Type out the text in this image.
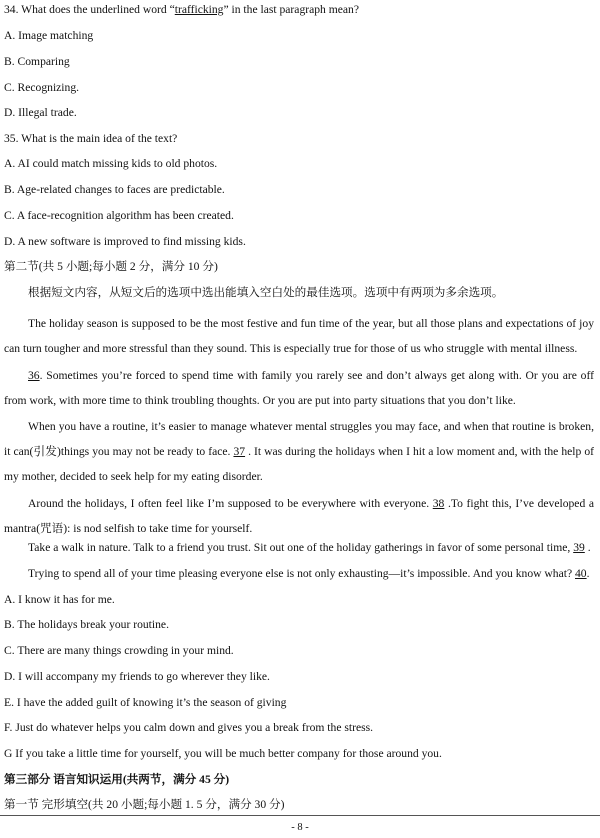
34. What does the underlined word “trafficking” in the last paragraph mean?
A. Image matching
B. Comparing
C. Recognizing.
D. Illegal trade.
35. What is the main idea of the text?
A. AI could match missing kids to old photos.
B. Age-related changes to faces are predictable.
C. A face-recognition algorithm has been created.
D. A new software is improved to find missing kids.
第二节(共 5 小题;每小题 2 分，满分 10 分)
根据短文内容，从短文后的选项中选出能填入空白处的最佳选项。选项中有两项为多余选项。
The holiday season is supposed to be the most festive and fun time of the year, but all those plans and expectations of joy can turn tougher and more stressful than they sound. This is especially true for those of us who struggle with mental illness.
36. Sometimes you’re forced to spend time with family you rarely see and don’t always get along with. Or you are off from work, with more time to think troubling thoughts. Or you are put into party situations that you don’t like.
When you have a routine, it’s easier to manage whatever mental struggles you may face, and when that routine is broken, it can(引发)things you may not be ready to face. 37 . It was during the holidays when I hit a low moment and, with the help of my mother, decided to seek help for my eating disorder.
Around the holidays, I often feel like I’m supposed to be everywhere with everyone. 38 .To fight this, I’ve developed a mantra(咒语): is nod selfish to take time for yourself.
Take a walk in nature. Talk to a friend you trust. Sit out one of the holiday gatherings in favor of some personal time, 39 .
Trying to spend all of your time pleasing everyone else is not only exhausting—it’s impossible. And you know what? 40.
A. I know it has for me.
B. The holidays break your routine.
C. There are many things crowding in your mind.
D. I will accompany my friends to go wherever they like.
E. I have the added guilt of knowing it’s the season of giving
F. Just do whatever helps you calm down and gives you a break from the stress.
G If you take a little time for yourself, you will be much better company for those around you.
第三部分 语言知识运用(共两节，满分 45 分)
第一节 完形填空(共 20 小题;每小题 1. 5 分，满分 30 分)
- 8 -
